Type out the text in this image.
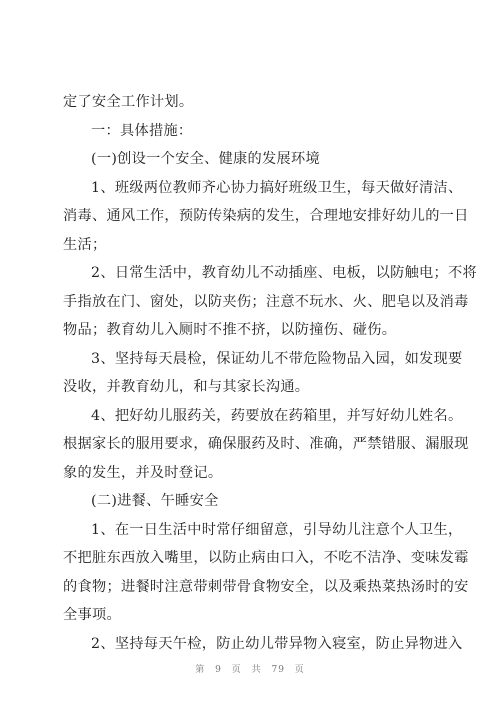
定了安全工作计划。
一：具体措施：
(一)创设一个安全、健康的发展环境
1、班级两位教师齐心协力搞好班级卫生，每天做好清洁、
消毒、通风工作，预防传染病的发生，合理地安排好幼儿的一日
生活；
2、日常生活中，教育幼儿不动插座、电板，以防触电；不将
手指放在门、窗处，以防夹伤；注意不玩水、火、肥皂以及消毒
物品；教育幼儿入厕时不推不挤，以防撞伤、碰伤。
3、坚持每天晨检，保证幼儿不带危险物品入园，如发现要
没收，并教育幼儿，和与其家长沟通。
4、把好幼儿服药关，药要放在药箱里，并写好幼儿姓名。
根据家长的服用要求，确保服药及时、准确，严禁错服、漏服现
象的发生，并及时登记。
(二)进餐、午睡安全
1、在一日生活中时常仔细留意，引导幼儿注意个人卫生，
不把脏东西放入嘴里，以防止病由口入，不吃不洁净、变味发霉
的食物；进餐时注意带刺带骨食物安全，以及乘热菜热汤时的安
全事项。
2、坚持每天午检，防止幼儿带异物入寝室，防止异物进入
第 9 页 共 79 页
